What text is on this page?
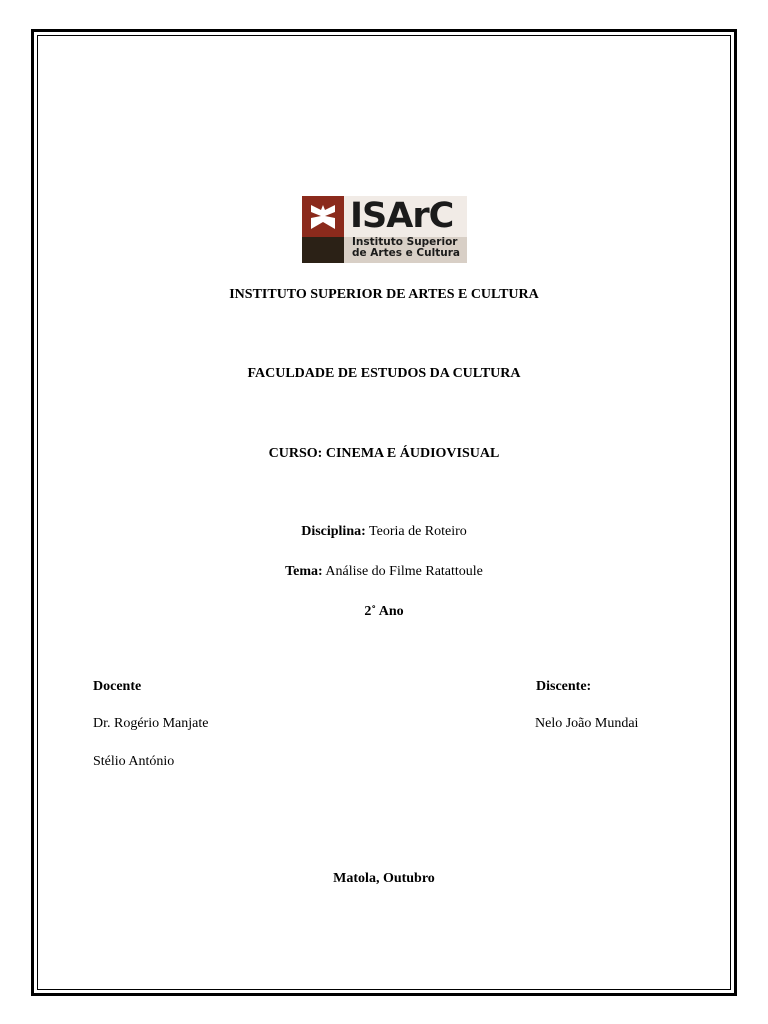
ISArC
Instituto Superior
de Artes e Cultura
INSTITUTO SUPERIOR DE ARTES E CULTURA
FACULDADE DE ESTUDOS DA CULTURA
CURSO: CINEMA E ÁUDIOVISUAL
Disciplina: Teoria de Roteiro
Tema: Análise do Filme Ratattoule
2˚ Ano
Docente
Dr. Rogério Manjate
Stélio António
Discente:
Nelo João Mundai
Matola, Outubro
